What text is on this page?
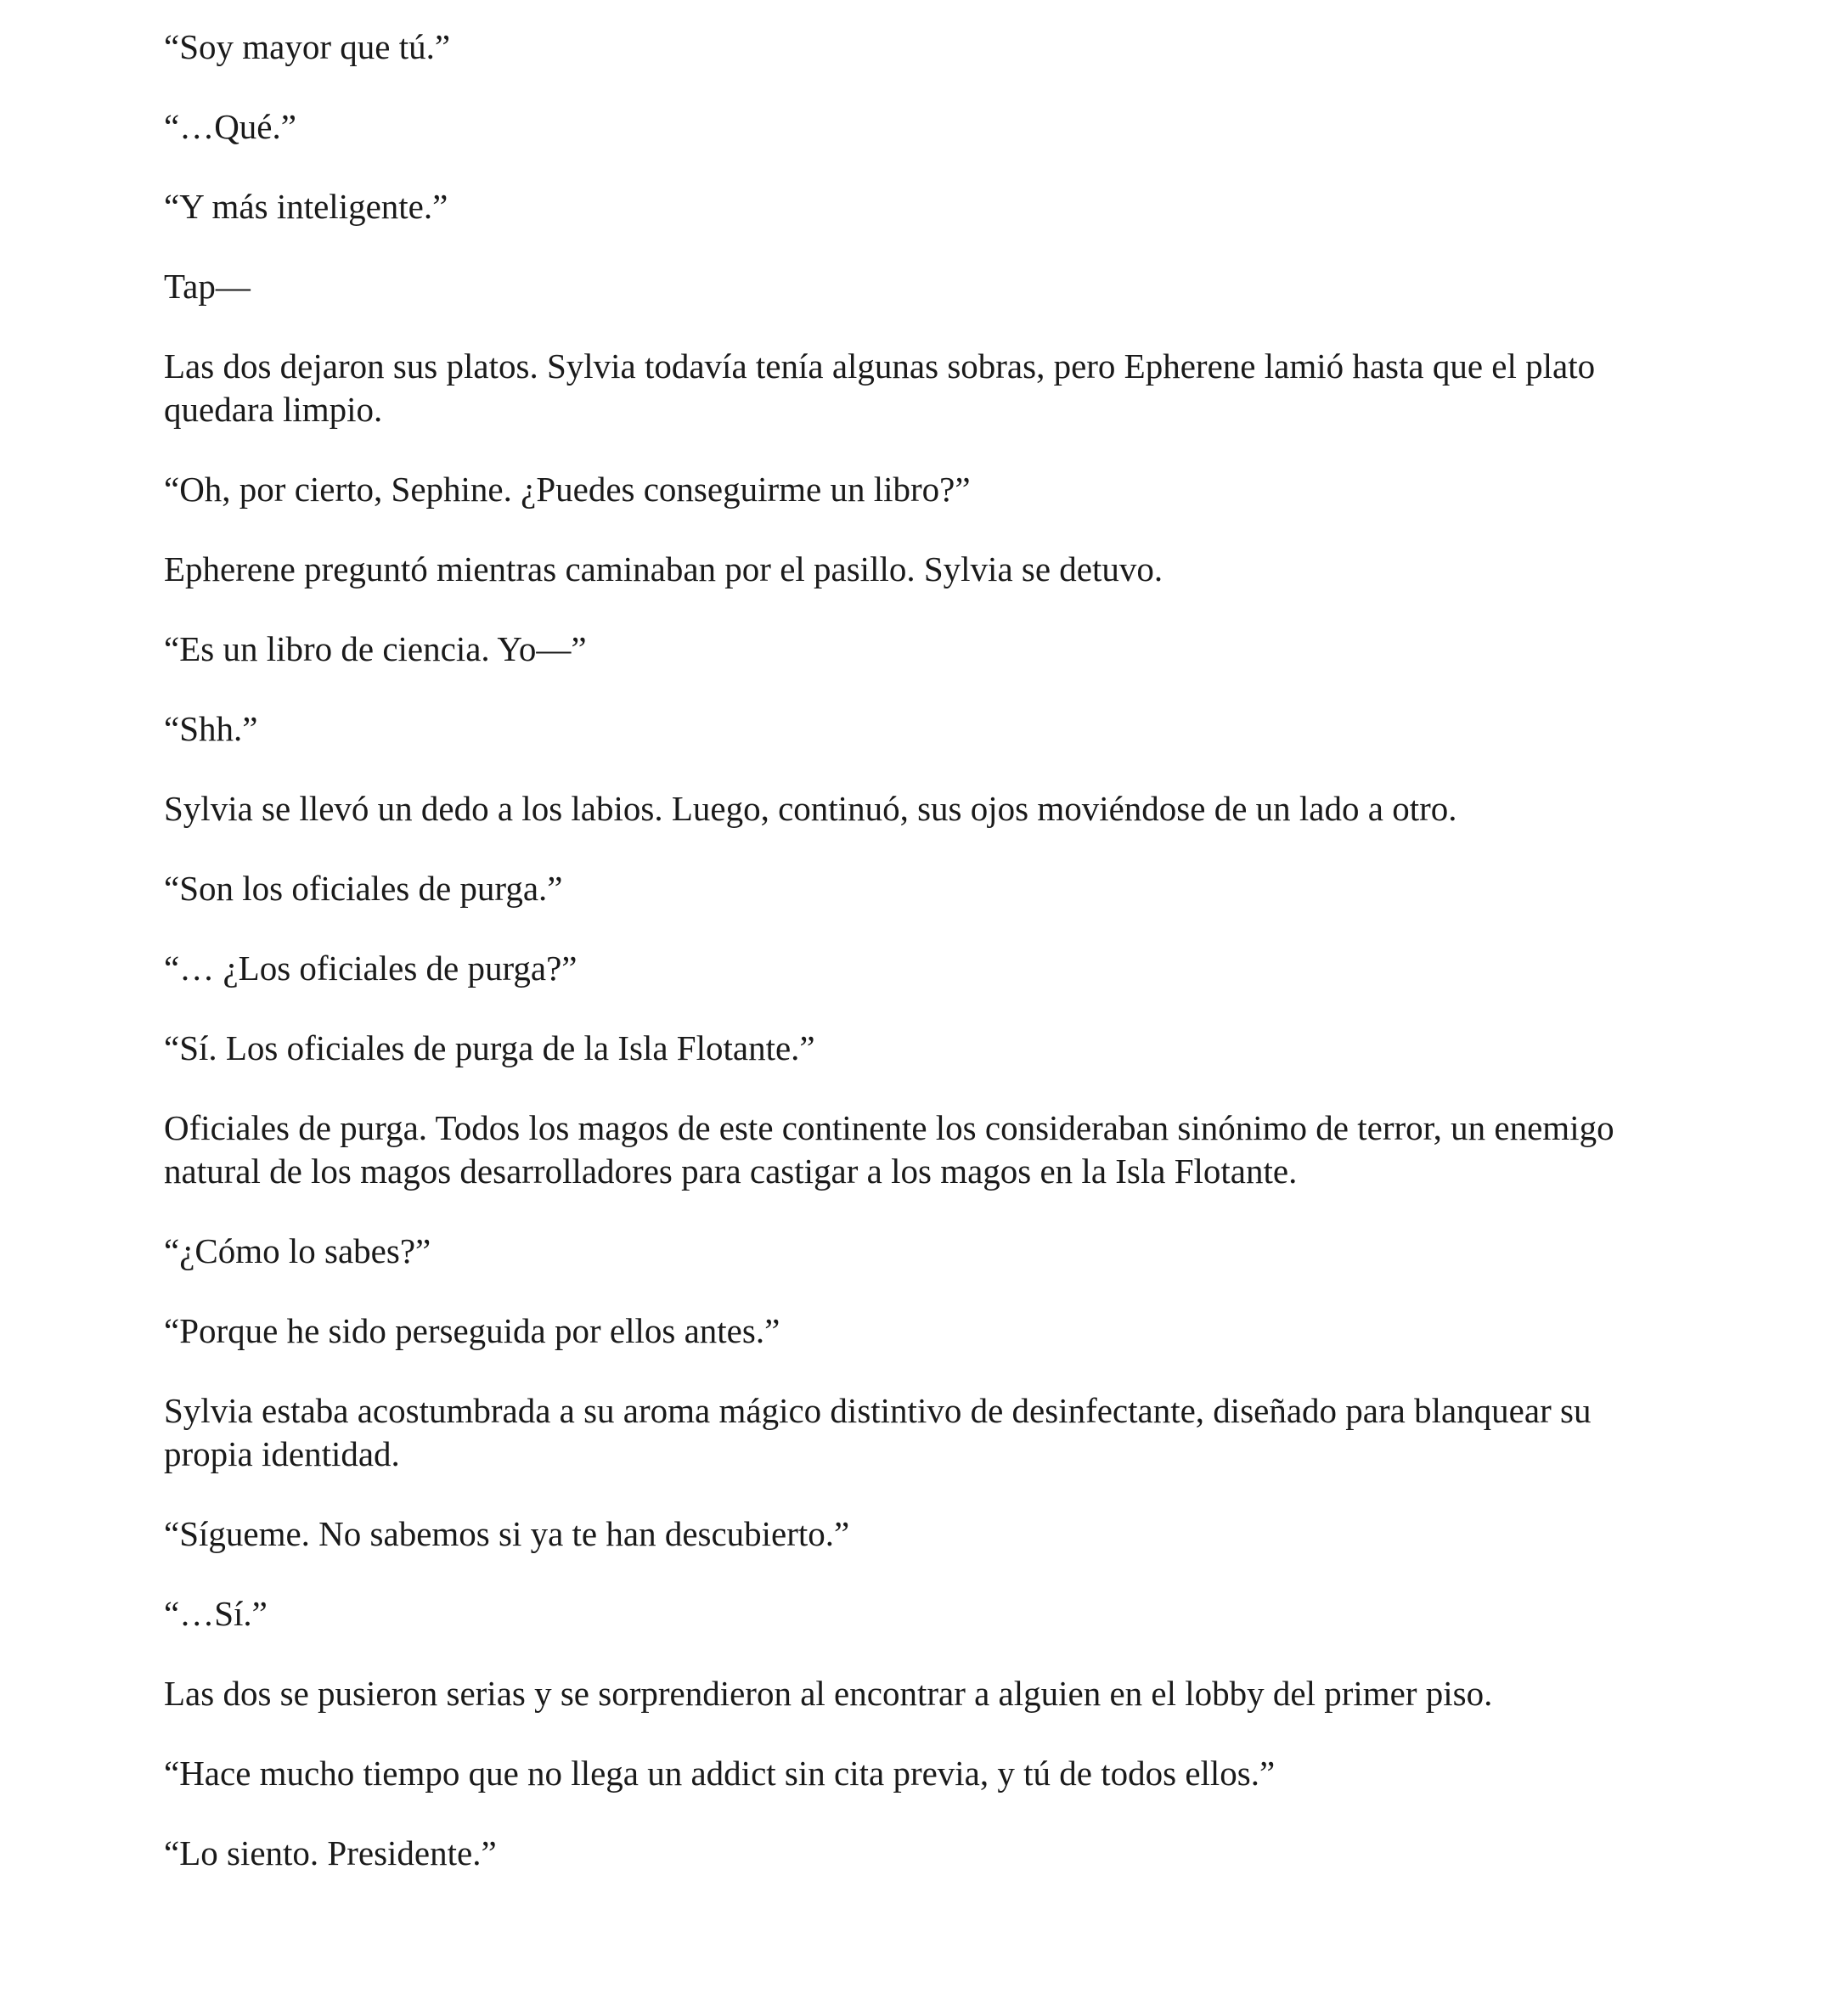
“Soy mayor que tú.”

“…Qué.”

“Y más inteligente.”

Tap—

Las dos dejaron sus platos. Sylvia todavía tenía algunas sobras, pero Epherene lamió hasta que el plato quedara limpio.

“Oh, por cierto, Sephine. ¿Puedes conseguirme un libro?”

Epherene preguntó mientras caminaban por el pasillo. Sylvia se detuvo.

“Es un libro de ciencia. Yo—”

“Shh.”

Sylvia se llevó un dedo a los labios. Luego, continuó, sus ojos moviéndose de un lado a otro.

“Son los oficiales de purga.”

“… ¿Los oficiales de purga?”

“Sí. Los oficiales de purga de la Isla Flotante.”

Oficiales de purga. Todos los magos de este continente los consideraban sinónimo de terror, un enemigo natural de los magos desarrolladores para castigar a los magos en la Isla Flotante.

“¿Cómo lo sabes?”

“Porque he sido perseguida por ellos antes.”

Sylvia estaba acostumbrada a su aroma mágico distintivo de desinfectante, diseñado para blanquear su propia identidad.

“Sígueme. No sabemos si ya te han descubierto.”

“…Sí.”

Las dos se pusieron serias y se sorprendieron al encontrar a alguien en el lobby del primer piso.

“Hace mucho tiempo que no llega un addict sin cita previa, y tú de todos ellos.”

“Lo siento. Presidente.”
